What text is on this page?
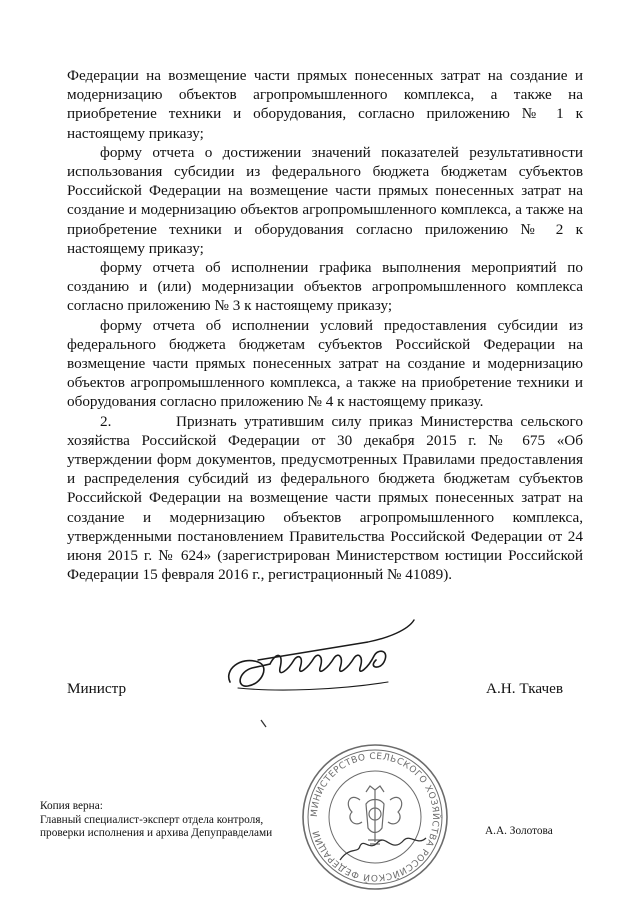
Федерации на возмещение части прямых понесенных затрат на создание и модернизацию объектов агропромышленного комплекса, а также на приобретение техники и оборудования, согласно приложению № 1 к настоящему приказу;

форму отчета о достижении значений показателей результативности использования субсидии из федерального бюджета бюджетам субъектов Российской Федерации на возмещение части прямых понесенных затрат на создание и модернизацию объектов агропромышленного комплекса, а также на приобретение техники и оборудования согласно приложению № 2 к настоящему приказу;

форму отчета об исполнении графика выполнения мероприятий по созданию и (или) модернизации объектов агропромышленного комплекса согласно приложению № 3 к настоящему приказу;

форму отчета об исполнении условий предоставления субсидии из федерального бюджета бюджетам субъектов Российской Федерации на возмещение части прямых понесенных затрат на создание и модернизацию объектов агропромышленного комплекса, а также на приобретение техники и оборудования согласно приложению № 4 к настоящему приказу.

2.	Признать утратившим силу приказ Министерства сельского хозяйства Российской Федерации от 30 декабря 2015 г. № 675 «Об утверждении форм документов, предусмотренных Правилами предоставления и распределения субсидий из федерального бюджета бюджетам субъектов Российской Федерации на возмещение части прямых понесенных затрат на создание и модернизацию объектов агропромышленного комплекса, утвержденными постановлением Правительства Российской Федерации от 24 июня 2015 г. № 624» (зарегистрирован Министерством юстиции Российской Федерации 15 февраля 2016 г., регистрационный № 41089).

Министр	А.Н. Ткачев
МИНИСТЕРСТВО СЕЛЬСКОГО ХОЗЯЙСТВА РОССИЙСКОЙ ФЕДЕРАЦИИ
Копия верна:
Главный специалист-эксперт отдела контроля,
проверки исполнения и архива Депуправделами	А.А. Золотова
